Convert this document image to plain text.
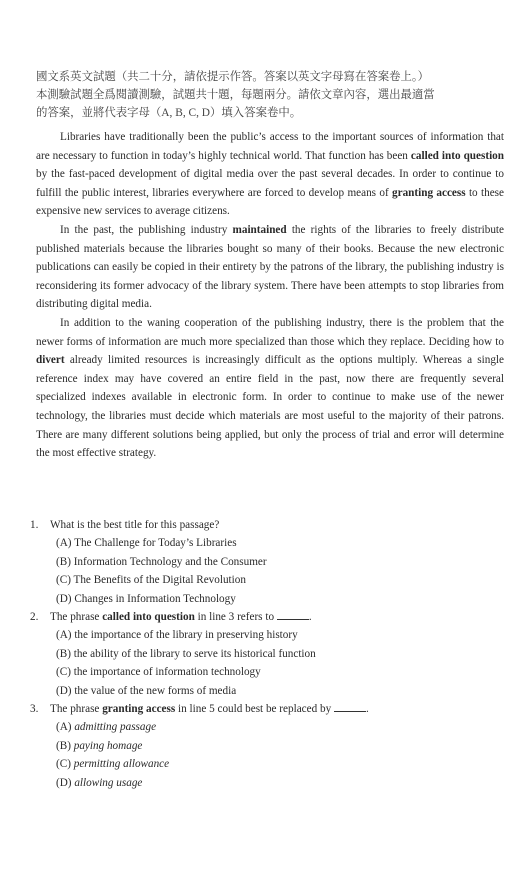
國文系英文試題（共二十分，請依提示作答。答案以英文字母寫在答案卷上。）
本測驗試題全爲閱讀測驗，試題共十題，每題兩分。請依文章內容，選出最適當
的答案，並將代表字母（A, B, C, D）填入答案卷中。

Libraries have traditionally been the public’s access to the important sources of information that are necessary to function in today’s highly technical world. That function has been called into question by the fast-paced development of digital media over the past several decades. In order to continue to fulfill the public interest, libraries everywhere are forced to develop means of granting access to these expensive new services to average citizens.

In the past, the publishing industry maintained the rights of the libraries to freely distribute published materials because the libraries bought so many of their books. Because the new electronic publications can easily be copied in their entirety by the patrons of the library, the publishing industry is reconsidering its former advocacy of the library system. There have been attempts to stop libraries from distributing digital media.

In addition to the waning cooperation of the publishing industry, there is the problem that the newer forms of information are much more specialized than those which they replace. Deciding how to divert already limited resources is increasingly difficult as the options multiply. Whereas a single reference index may have covered an entire field in the past, now there are frequently several specialized indexes available in electronic form. In order to continue to make use of the newer technology, the libraries must decide which materials are most useful to the majority of their patrons. There are many different solutions being applied, but only the process of trial and error will determine the most effective strategy.

1. What is the best title for this passage?
(A) The Challenge for Today’s Libraries
(B) Information Technology and the Consumer
(C) The Benefits of the Digital Revolution
(D) Changes in Information Technology
2. The phrase called into question in line 3 refers to	.
(A) the importance of the library in preserving history
(B) the ability of the library to serve its historical function
(C) the importance of information technology
(D) the value of the new forms of media
3. The phrase granting access in line 5 could best be replaced by	.
(A) admitting passage
(B) paying homage
(C) permitting allowance
(D) allowing usage
